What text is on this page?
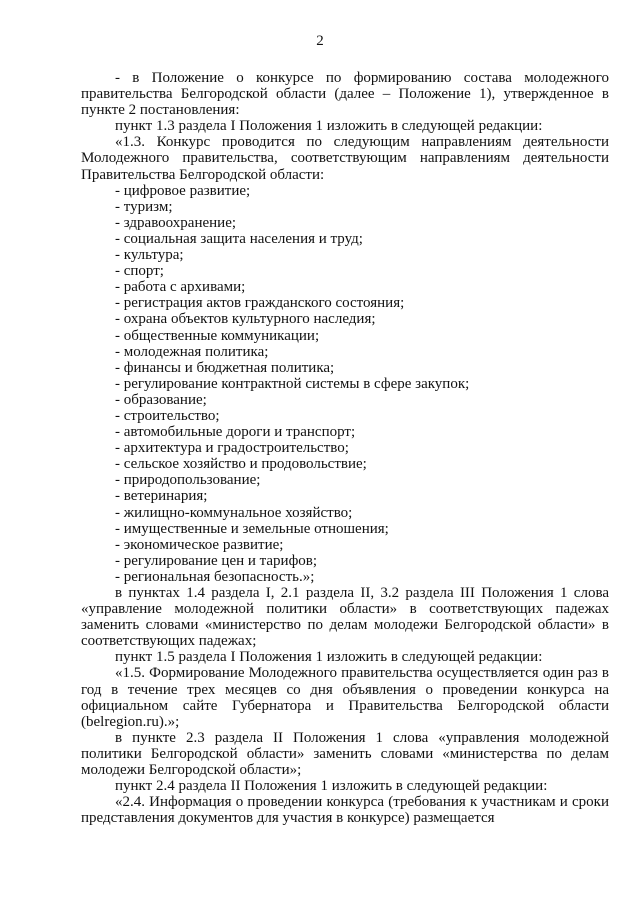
2

- в Положение о конкурсе по формированию состава молодежного правительства Белгородской области (далее – Положение 1), утвержденное в пункте 2 постановления:

пункт 1.3 раздела I Положения 1 изложить в следующей редакции:

«1.3. Конкурс проводится по следующим направлениям деятельности Молодежного правительства, соответствующим направлениям деятельности Правительства Белгородской области:

- цифровое развитие;
- туризм;
- здравоохранение;
- социальная защита населения и труд;
- культура;
- спорт;
- работа с архивами;
- регистрация актов гражданского состояния;
- охрана объектов культурного наследия;
- общественные коммуникации;
- молодежная политика;
- финансы и бюджетная политика;
- регулирование контрактной системы в сфере закупок;
- образование;
- строительство;
- автомобильные дороги и транспорт;
- архитектура и градостроительство;
- сельское хозяйство и продовольствие;
- природопользование;
- ветеринария;
- жилищно-коммунальное хозяйство;
- имущественные и земельные отношения;
- экономическое развитие;
- регулирование цен и тарифов;
- региональная безопасность.»;

в пунктах 1.4 раздела I, 2.1 раздела II, 3.2 раздела III Положения 1 слова «управление молодежной политики области» в соответствующих падежах заменить словами «министерство по делам молодежи Белгородской области» в соответствующих падежах;

пункт 1.5 раздела I Положения 1 изложить в следующей редакции:

«1.5. Формирование Молодежного правительства осуществляется один раз в год в течение трех месяцев со дня объявления о проведении конкурса на официальном сайте Губернатора и Правительства Белгородской области (belregion.ru).»;

в пункте 2.3 раздела II Положения 1 слова «управления молодежной политики Белгородской области» заменить словами «министерства по делам молодежи Белгородской области»;

пункт 2.4 раздела II Положения 1 изложить в следующей редакции:

«2.4. Информация о проведении конкурса (требования к участникам и сроки представления документов для участия в конкурсе) размещается
